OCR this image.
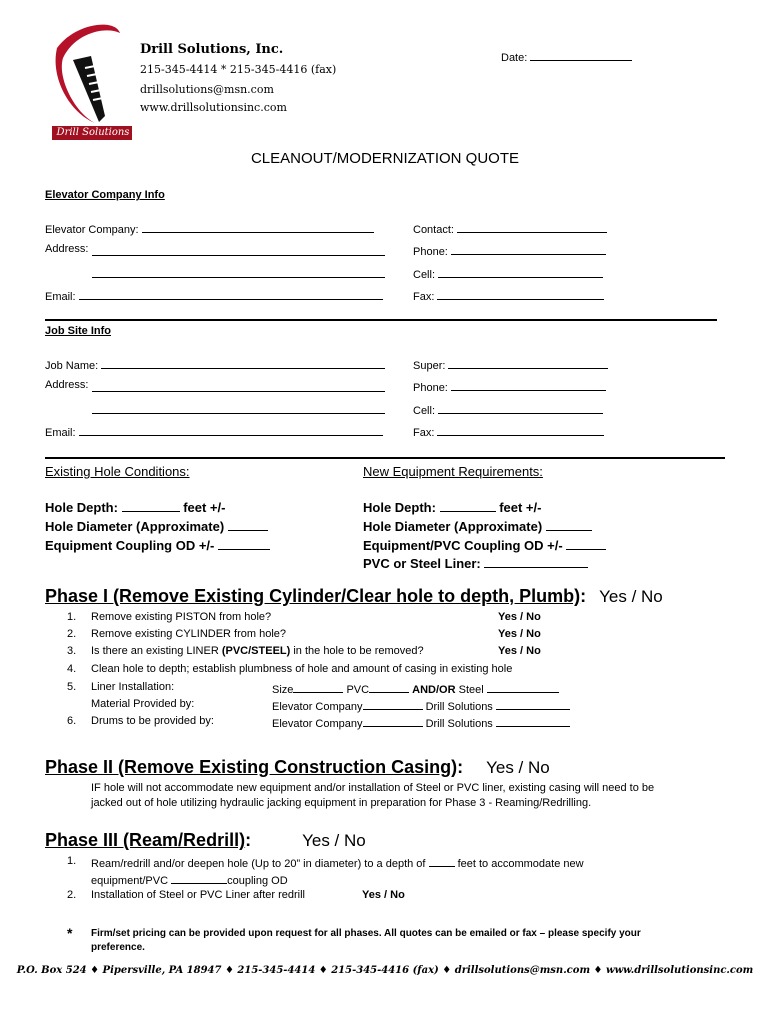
Drill Solutions
Drill Solutions, Inc.
215-345-4414 * 215-345-4416 (fax)
drillsolutions@msn.com
www.drillsolutionsinc.com
Date:
CLEANOUT/MODERNIZATION QUOTE
Elevator Company Info
Elevator Company:	Contact:
Address:	Phone:
Cell:
Email:	Fax:
Job Site Info
Job Name:	Super:
Address:	Phone:
Cell:
Email:	Fax:
Existing Hole Conditions:
Hole Depth:	feet +/-
Hole Diameter (Approximate)
Equipment Coupling OD +/-
New Equipment Requirements:
Hole Depth:	feet +/-
Hole Diameter (Approximate)
Equipment/PVC Coupling OD +/-
PVC or Steel Liner:
Phase I (Remove Existing Cylinder/Clear hole to depth, Plumb): Yes / No
1. Remove existing PISTON from hole?	Yes / No
2. Remove existing CYLINDER from hole?	Yes / No
3. Is there an existing LINER (PVC/STEEL) in the hole to be removed?	Yes / No
4. Clean hole to depth; establish plumbness of hole and amount of casing in existing hole
5. Liner Installation:	Size	PVC	AND/OR Steel
Material Provided by:	Elevator Company	Drill Solutions
6. Drums to be provided by:	Elevator Company	Drill Solutions
Phase II (Remove Existing Construction Casing): Yes / No
IF hole will not accommodate new equipment and/or installation of Steel or PVC liner, existing casing will need to be
jacked out of hole utilizing hydraulic jacking equipment in preparation for Phase 3 - Reaming/Redrilling.
Phase III (Ream/Redrill):	Yes / No
1. Ream/redrill and/or deepen hole (Up to 20” in diameter) to a depth of	feet to accommodate new
equipment/PVC	coupling OD
2. Installation of Steel or PVC Liner after redrill	Yes / No
* Firm/set pricing can be provided upon request for all phases. All quotes can be emailed or fax – please specify your
preference.
P.O. Box 524 ♦ Pipersville, PA 18947 ♦ 215-345-4414 ♦ 215-345-4416 (fax) ♦ drillsolutions@msn.com ♦ www.drillsolutionsinc.com
